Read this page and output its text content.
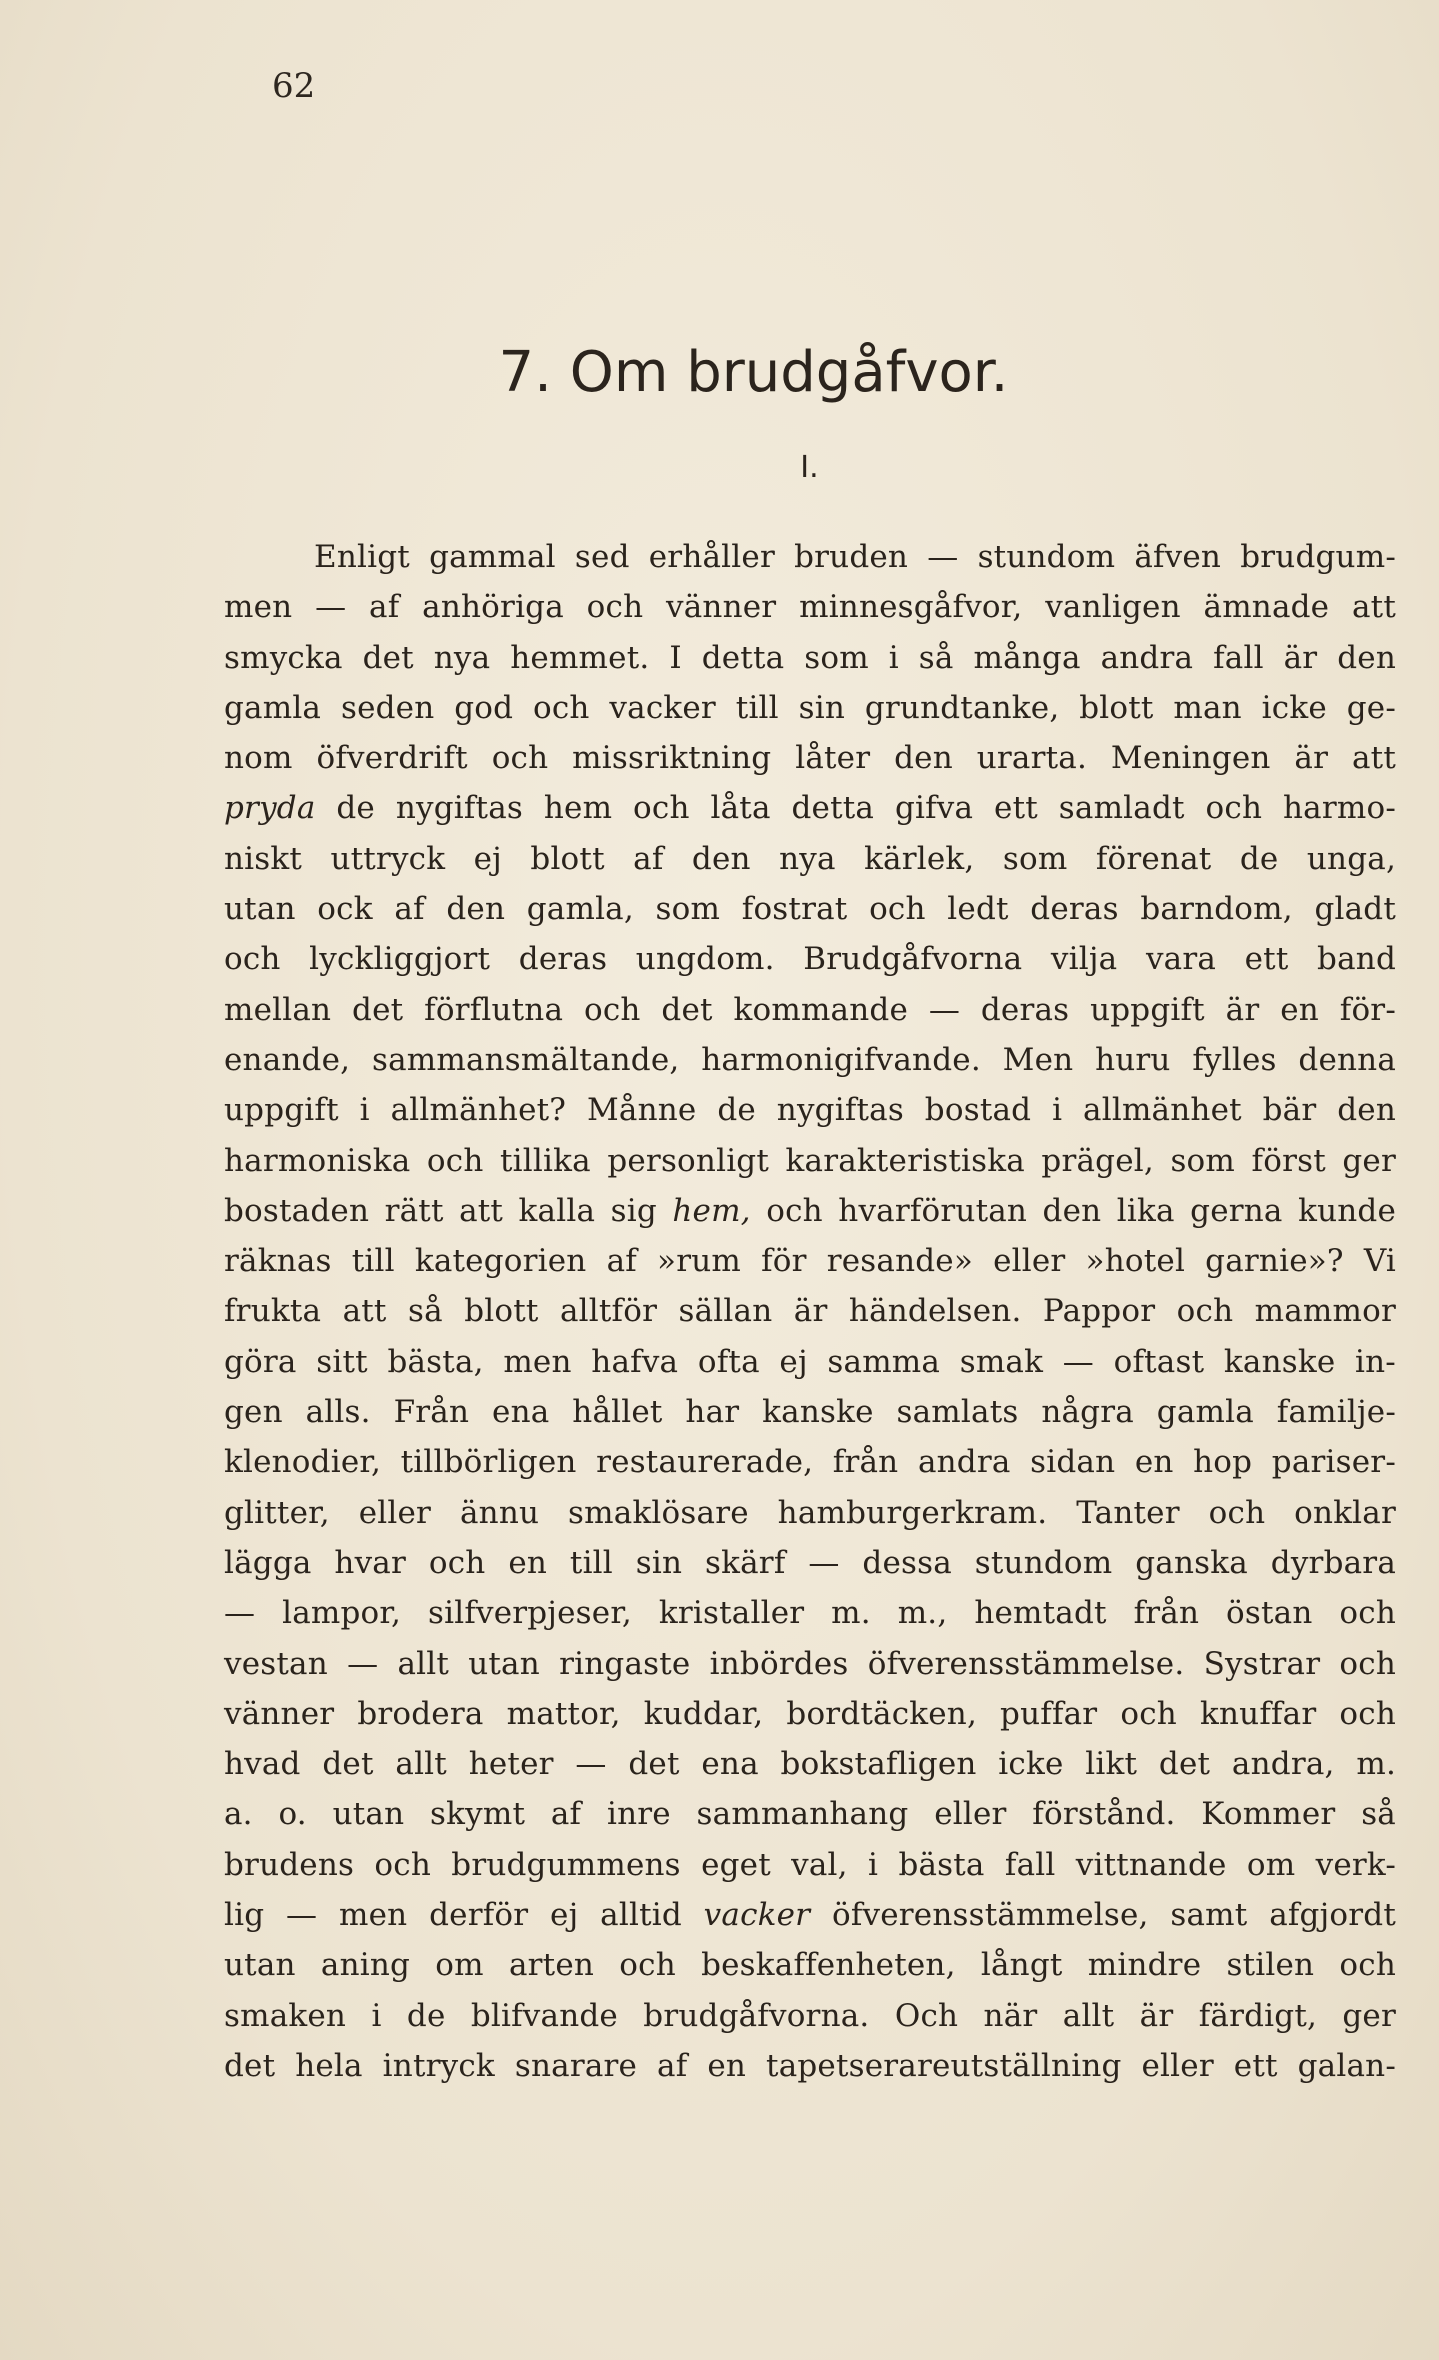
62
7. Om brudgåfvor.
I.
Enligt gammal sed erhåller bruden — stundom äfven brudgum-
men — af anhöriga och vänner minnesgåfvor, vanligen ämnade att
smycka det nya hemmet. I detta som i så många andra fall är den
gamla seden god och vacker till sin grundtanke, blott man icke ge-
nom öfverdrift och missriktning låter den urarta. Meningen är att
pryda de nygiftas hem och låta detta gifva ett samladt och harmo-
niskt uttryck ej blott af den nya kärlek, som förenat de unga,
utan ock af den gamla, som fostrat och ledt deras barndom, gladt
och lyckliggjort deras ungdom. Brudgåfvorna vilja vara ett band
mellan det förflutna och det kommande — deras uppgift är en för-
enande, sammansmältande, harmonigifvande. Men huru fylles denna
uppgift i allmänhet? Månne de nygiftas bostad i allmänhet bär den
harmoniska och tillika personligt karakteristiska prägel, som först ger
bostaden rätt att kalla sig hem, och hvarförutan den lika gerna kunde
räknas till kategorien af »rum för resande» eller »hotel garnie»? Vi
frukta att så blott alltför sällan är händelsen. Pappor och mammor
göra sitt bästa, men hafva ofta ej samma smak — oftast kanske in-
gen alls. Från ena hållet har kanske samlats några gamla familje-
klenodier, tillbörligen restaurerade, från andra sidan en hop pariser-
glitter, eller ännu smaklösare hamburgerkram. Tanter och onklar
lägga hvar och en till sin skärf — dessa stundom ganska dyrbara
— lampor, silfverpjeser, kristaller m. m., hemtadt från östan och
vestan — allt utan ringaste inbördes öfverensstämmelse. Systrar och
vänner brodera mattor, kuddar, bordtäcken, puffar och knuffar och
hvad det allt heter — det ena bokstafligen icke likt det andra, m.
a. o. utan skymt af inre sammanhang eller förstånd. Kommer så
brudens och brudgummens eget val, i bästa fall vittnande om verk-
lig — men derför ej alltid vacker öfverensstämmelse, samt afgjordt
utan aning om arten och beskaffenheten, långt mindre stilen och
smaken i de blifvande brudgåfvorna. Och när allt är färdigt, ger
det hela intryck snarare af en tapetserareutställning eller ett galan-
